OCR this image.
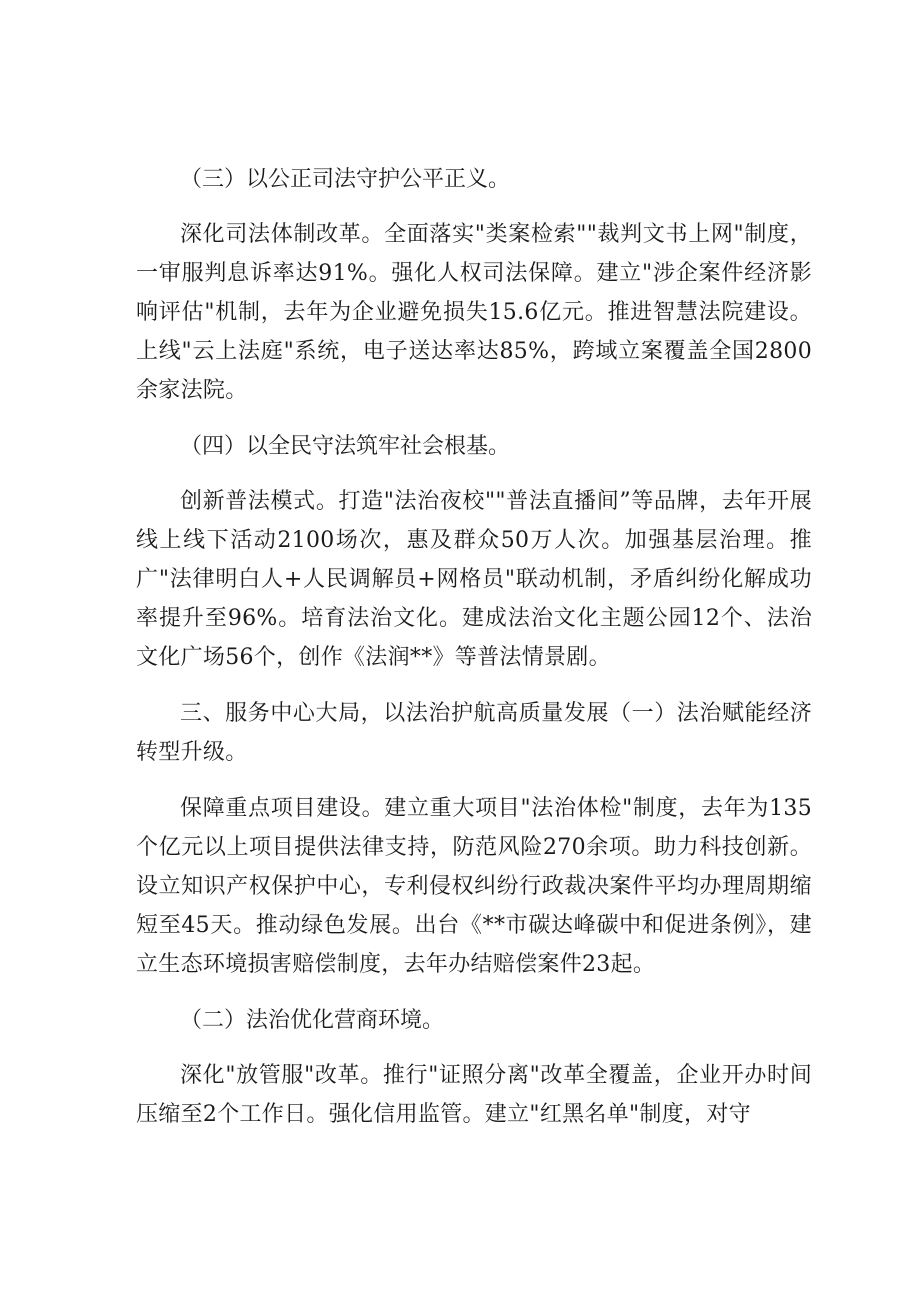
（三）以公正司法守护公平正义。

深化司法体制改革。全面落实"类案检索""裁判文书上网"制度，一审服判息诉率达91%。强化人权司法保障。建立"涉企案件经济影响评估"机制，去年为企业避免损失15.6亿元。推进智慧法院建设。上线"云上法庭"系统，电子送达率达85%，跨域立案覆盖全国2800余家法院。

（四）以全民守法筑牢社会根基。

创新普法模式。打造"法治夜校""普法直播间”等品牌，去年开展线上线下活动2100场次，惠及群众50万人次。加强基层治理。推广"法律明白人+人民调解员+网格员"联动机制，矛盾纠纷化解成功率提升至96%。培育法治文化。建成法治文化主题公园12个、法治文化广场56个，创作《法润**》等普法情景剧。

三、服务中心大局，以法治护航高质量发展（一）法治赋能经济转型升级。

保障重点项目建设。建立重大项目"法治体检"制度，去年为135个亿元以上项目提供法律支持，防范风险270余项。助力科技创新。设立知识产权保护中心，专利侵权纠纷行政裁决案件平均办理周期缩短至45天。推动绿色发展。出台《**市碳达峰碳中和促进条例》，建立生态环境损害赔偿制度，去年办结赔偿案件23起。

（二）法治优化营商环境。

深化"放管服"改革。推行"证照分离"改革全覆盖，企业开办时间压缩至2个工作日。强化信用监管。建立"红黑名单"制度，对守
